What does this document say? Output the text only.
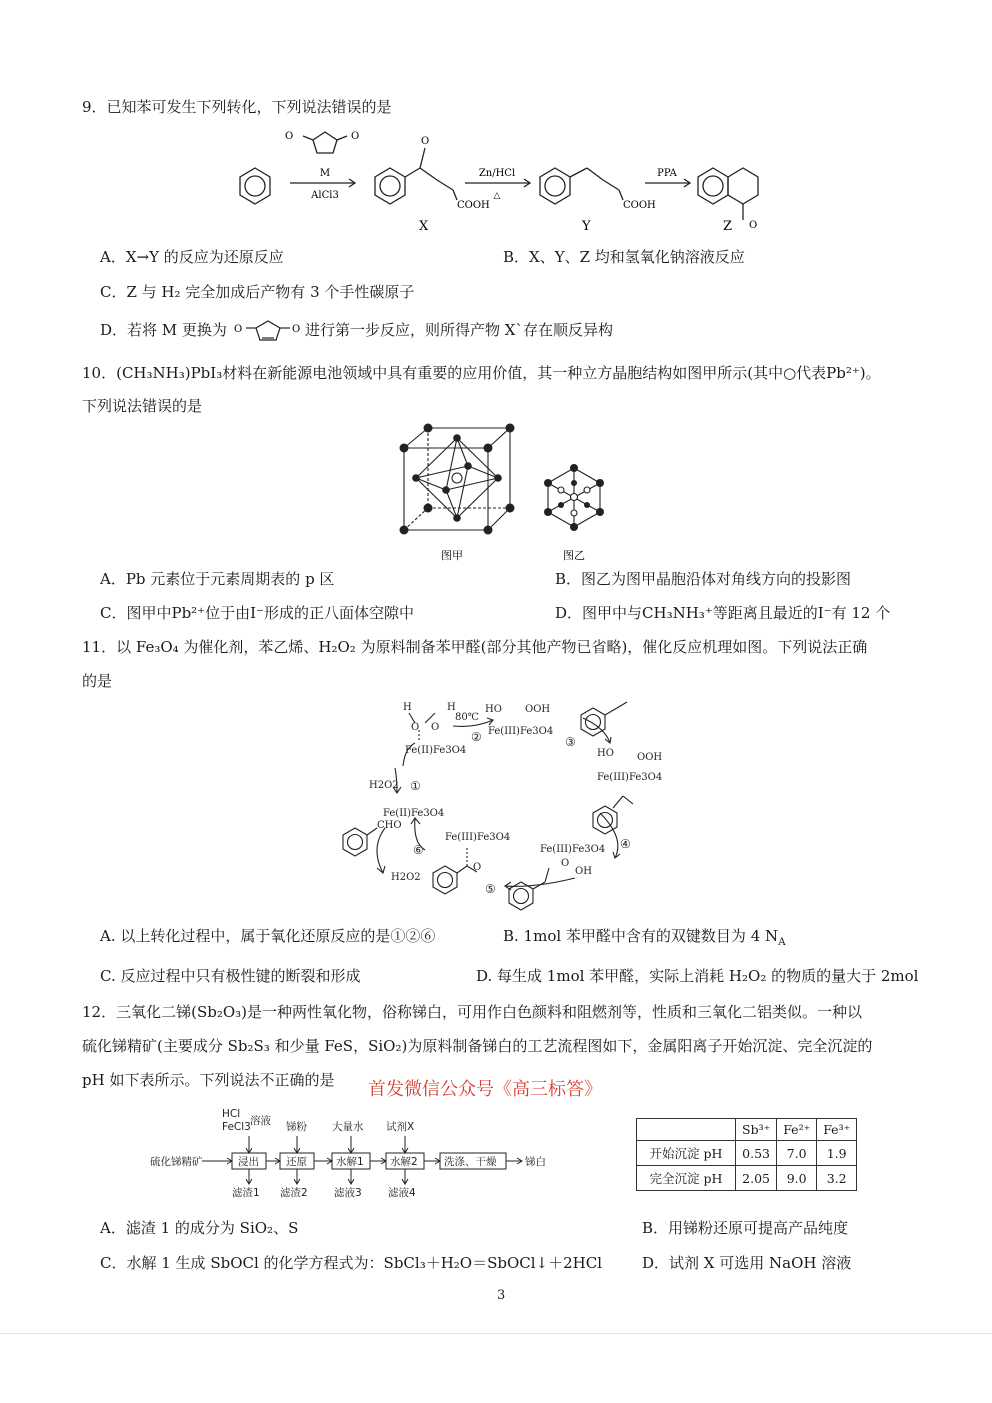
9．已知苯可发生下列转化，下列说法错误的是
M
AlCl3
O	O	O
COOH
X
Zn/HCl
△
COOH
Y
PPA
Z O
A．X→Y 的反应为还原反应	B．X、Y、Z 均和氢氧化钠溶液反应
C．Z 与 H₂ 完全加成后产物有 3 个手性碳原子
D．若将 M 更换为 O	O 进行第一步反应，则所得产物 X`存在顺反异构
10．(CH₃NH₃)PbI₃材料在新能源电池领域中具有重要的应用价值，其一种立方晶胞结构如图甲所示(其中○代表Pb²⁺)。
下列说法错误的是
图甲	图乙
A．Pb 元素位于元素周期表的 p 区	B．图乙为图甲晶胞沿体对角线方向的投影图
C．图甲中Pb²⁺位于由I⁻形成的正八面体空隙中	D．图甲中与CH₃NH₃⁺等距离且最近的I⁻有 12 个
11．以 Fe₃O₄ 为催化剂，苯乙烯、H₂O₂ 为原料制备苯甲醛(部分其他产物已省略)，催化反应机理如图。下列说法正确
的是
H	H
O O
80℃
HO OOH
Fe(III)Fe3O4
Fe(II)Fe3O4	HO OOH
Fe(III)Fe3O4
H2O2
Fe(II)Fe3O4
CHO
Fe(III)Fe3O4
Fe(III)Fe3O4
OH
O
O
H2O2
②	③
①
④
⑤
⑥
A. 以上转化过程中，属于氧化还原反应的是①②⑥	B. 1mol 苯甲醛中含有的双键数目为 4 $N_A$
C. 反应过程中只有极性键的断裂和形成	D. 每生成 1mol 苯甲醛，实际上消耗 H₂O₂ 的物质的量大于 2mol
12．三氧化二锑(Sb₂O₃)是一种两性氧化物，俗称锑白，可用作白色颜料和阻燃剂等，性质和三氧化二铝类似。一种以
硫化锑精矿(主要成分 Sb₂S₃ 和少量 FeS，SiO₂)为原料制备锑白的工艺流程图如下，金属阳离子开始沉淀、完全沉淀的
pH 如下表所示。下列说法不正确的是 首发微信公众号《高三标答》
HCl
FeCl3 溶液 锑粉 大量水 试剂X
硫化锑精矿	浸出	还原	水解1	水解2	洗涤、干燥	锑白
滤渣1 滤渣2	滤液3	滤液4
	Sb³⁺	Fe²⁺	Fe³⁺
开始沉淀 pH	0.53	7.0	1.9
完全沉淀 pH	2.05	9.0	3.2
A．滤渣 1 的成分为 SiO₂、S	B．用锑粉还原可提高产品纯度
C．水解 1 生成 SbOCl 的化学方程式为：SbCl₃＋H₂O＝SbOCl↓＋2HCl	D．试剂 X 可选用 NaOH 溶液
3
